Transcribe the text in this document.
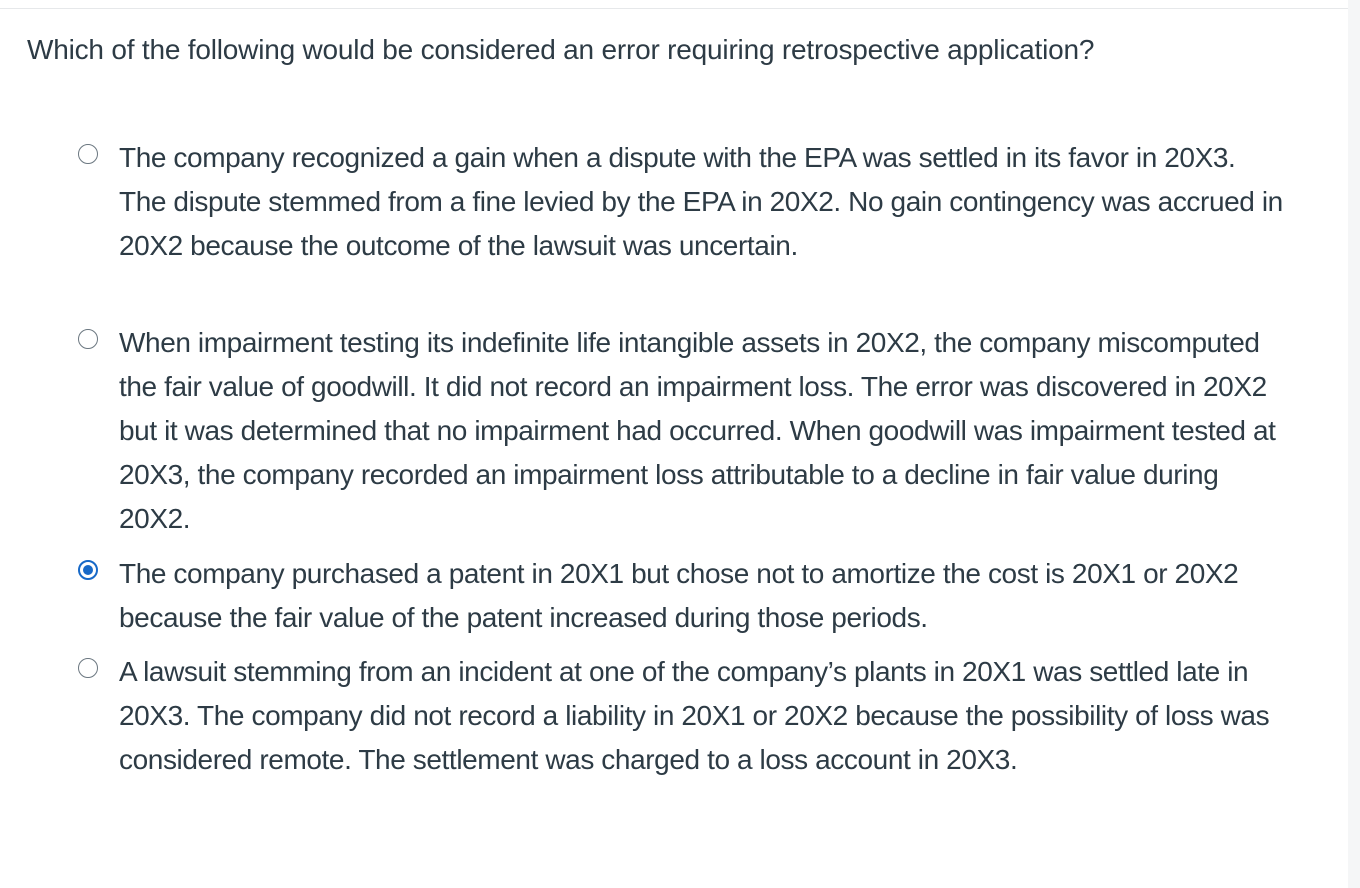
Which of the following would be considered an error requiring retrospective application?
The company recognized a gain when a dispute with the EPA was settled in its favor in 20X3. The dispute stemmed from a fine levied by the EPA in 20X2. No gain contingency was accrued in 20X2 because the outcome of the lawsuit was uncertain.
When impairment testing its indefinite life intangible assets in 20X2, the company miscomputed the fair value of goodwill. It did not record an impairment loss. The error was discovered in 20X2 but it was determined that no impairment had occurred. When goodwill was impairment tested at 20X3, the company recorded an impairment loss attributable to a decline in fair value during 20X2.
The company purchased a patent in 20X1 but chose not to amortize the cost is 20X1 or 20X2 because the fair value of the patent increased during those periods.
A lawsuit stemming from an incident at one of the company’s plants in 20X1 was settled late in 20X3. The company did not record a liability in 20X1 or 20X2 because the possibility of loss was considered remote. The settlement was charged to a loss account in 20X3.
